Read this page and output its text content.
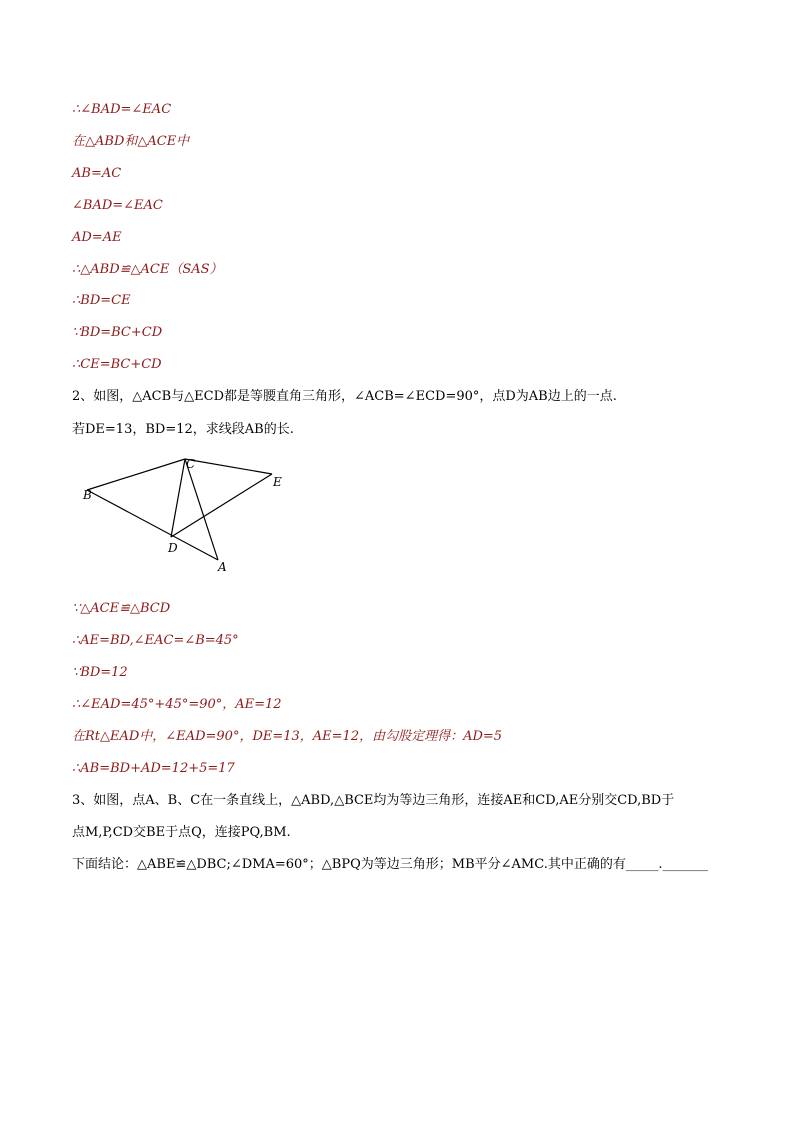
∴∠BAD=∠EAC
在△ABD和△ACE中
AB=AC
∠BAD=∠EAC
AD=AE
∴△ABD≌△ACE（SAS）
∴BD=CE
∵BD=BC+CD
∴CE=BC+CD
2、如图，△ACB与△ECD都是等腰直角三角形，∠ACB=∠ECD=90°，点D为AB边上的一点.
若DE=13，BD=12，求线段AB的长.
B
C
E
D
A
∵△ACE≌△BCD
∴AE=BD,∠EAC=∠B=45°
∵BD=12
∴∠EAD=45°+45°=90°，AE=12
在Rt△EAD中，∠EAD=90°，DE=13，AE=12，由勾股定理得：AD=5
∴AB=BD+AD=12+5=17
3、如图，点A、B、C在一条直线上，△ABD,△BCE均为等边三角形，连接AE和CD,AE分别交CD,BD于
点M,P,CD交BE于点Q，连接PQ,BM.
下面结论：△ABE≌△DBC;∠DMA=60°；△BPQ为等边三角形；MB平分∠AMC.其中正确的有_____._______
